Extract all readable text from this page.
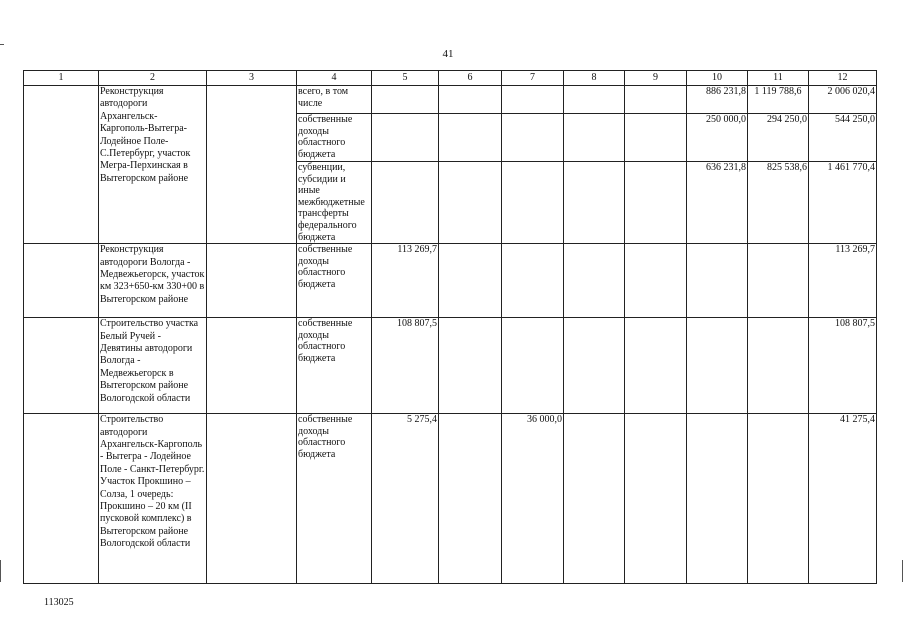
41
1	2	3	4	5	6	7	8	9	10	11	12
	Реконструкция автодороги Архангельск-Каргополь-Вытегра-Лодейное Поле-С.Петербург, участок Мегра-Перхинская в Вытегорском районе		всего, в том числе						886 231,8	1 119 788,6	2 006 020,4
			собственные доходы областного бюджета						250 000,0	294 250,0	544 250,0
			субвенции, субсидии и иные межбюджетные трансферты федерального бюджета						636 231,8	825 538,6	1 461 770,4
	Реконструкция автодороги Вологда - Медвежьегорск, участок км 323+650-км 330+00 в Вытегорском районе		собственные доходы областного бюджета	113 269,7							113 269,7
	Строительство участка Белый Ручей - Девятины автодороги Вологда - Медвежьегорск в Вытегорском районе Вологодской области		собственные доходы областного бюджета	108 807,5							108 807,5
	Строительство автодороги Архангельск-Каргополь - Вытегра - Лодейное Поле - Санкт-Петербург. Участок Прокшино – Солза, 1 очередь: Прокшино – 20 км (II пусковой комплекс) в Вытегорском районе Вологодской области		собственные доходы областного бюджета	5 275,4		36 000,0					41 275,4
113025
